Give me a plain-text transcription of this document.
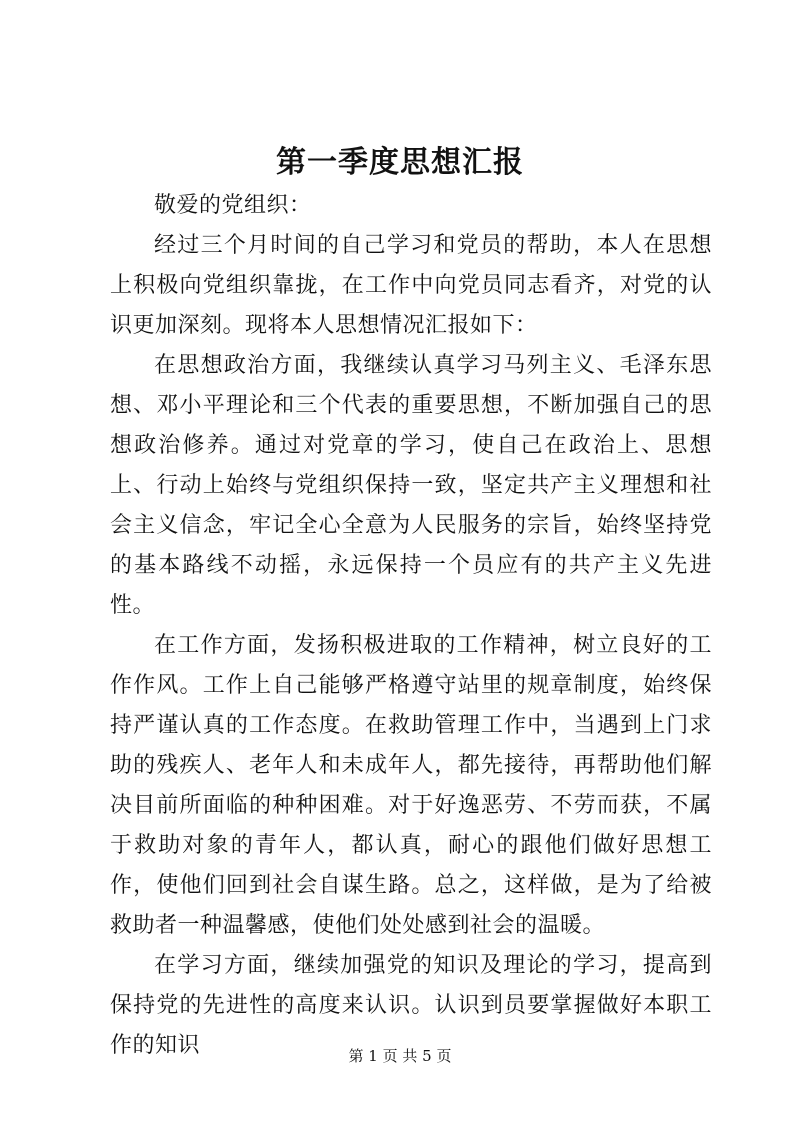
第一季度思想汇报

敬爱的党组织：

经过三个月时间的自己学习和党员的帮助，本人在思想上积极向党组织靠拢，在工作中向党员同志看齐，对党的认识更加深刻。现将本人思想情况汇报如下：

在思想政治方面，我继续认真学习马列主义、毛泽东思想、邓小平理论和三个代表的重要思想，不断加强自己的思想政治修养。通过对党章的学习，使自己在政治上、思想上、行动上始终与党组织保持一致，坚定共产主义理想和社会主义信念，牢记全心全意为人民服务的宗旨，始终坚持党的基本路线不动摇，永远保持一个员应有的共产主义先进性。

在工作方面，发扬积极进取的工作精神，树立良好的工作作风。工作上自己能够严格遵守站里的规章制度，始终保持严谨认真的工作态度。在救助管理工作中，当遇到上门求助的残疾人、老年人和未成年人，都先接待，再帮助他们解决目前所面临的种种困难。对于好逸恶劳、不劳而获，不属于救助对象的青年人，都认真，耐心的跟他们做好思想工作，使他们回到社会自谋生路。总之，这样做，是为了给被救助者一种温馨感，使他们处处感到社会的温暖。

在学习方面，继续加强党的知识及理论的学习，提高到保持党的先进性的高度来认识。认识到员要掌握做好本职工作的知识	第 1 页 共 5 页
